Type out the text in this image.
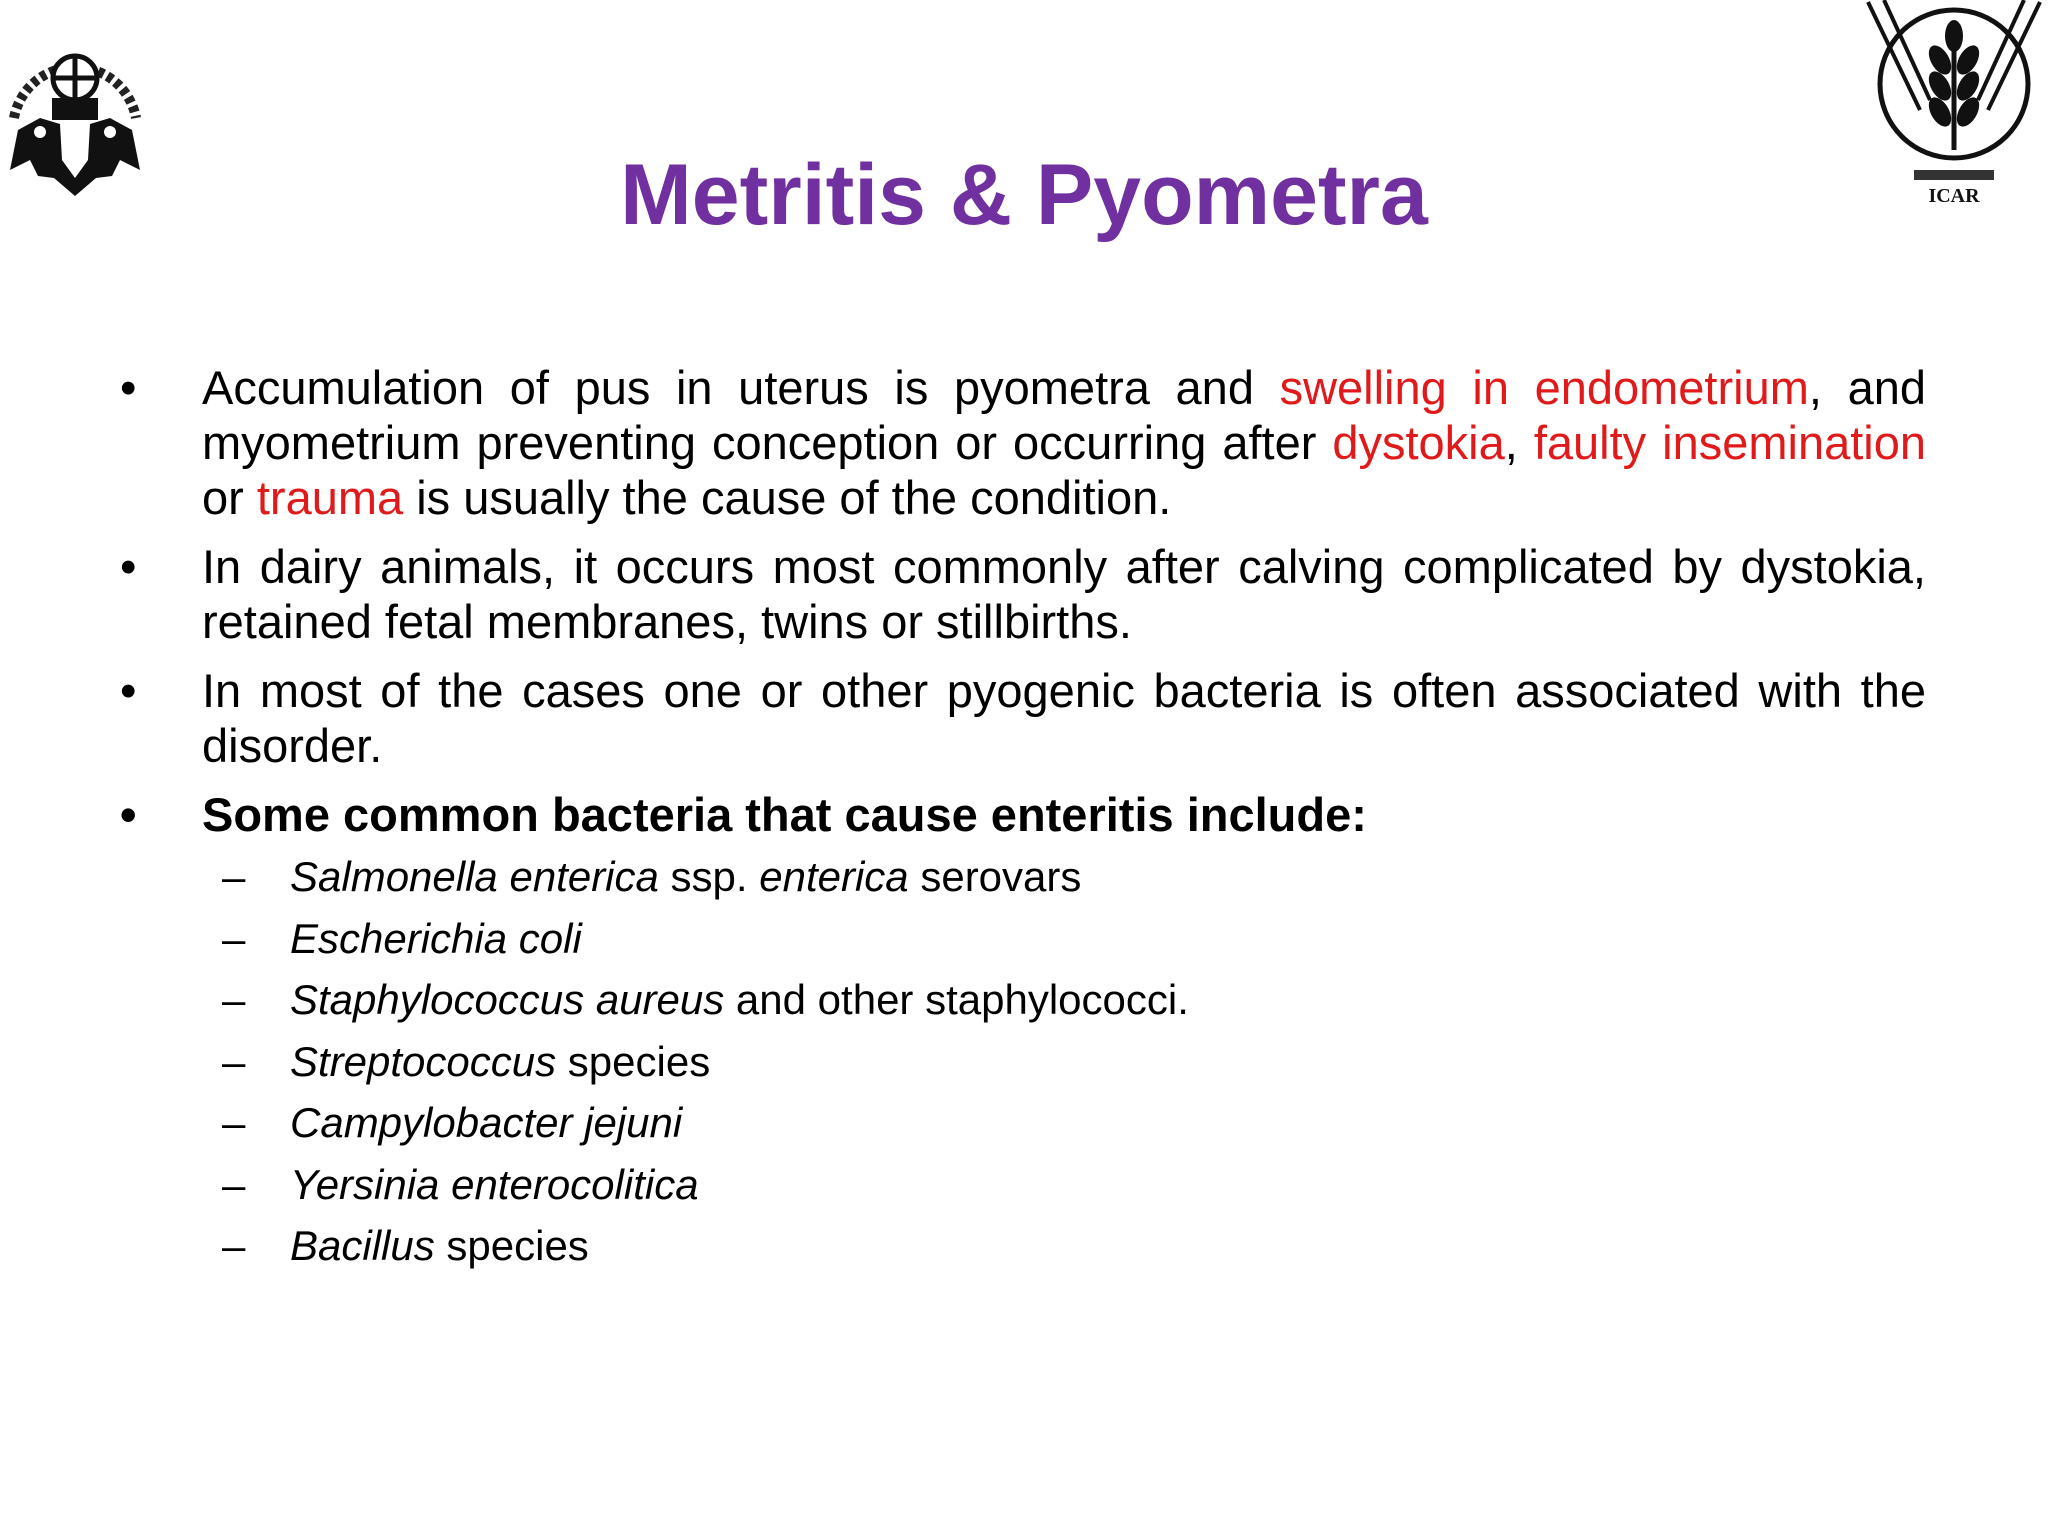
ICAR
Metritis & Pyometra
• Accumulation of pus in uterus is pyometra and swelling in endometrium, and myometrium preventing conception or occurring after dystokia, faulty insemination or trauma is usually the cause of the condition.
• In dairy animals, it occurs most commonly after calving complicated by dystokia, retained fetal membranes, twins or stillbirths.
• In most of the cases one or other pyogenic bacteria is often associated with the disorder.
• Some common bacteria that cause enteritis include:
– Salmonella enterica ssp. enterica serovars
– Escherichia coli
– Staphylococcus aureus and other staphylococci.
– Streptococcus species
– Campylobacter jejuni
– Yersinia enterocolitica
– Bacillus species
